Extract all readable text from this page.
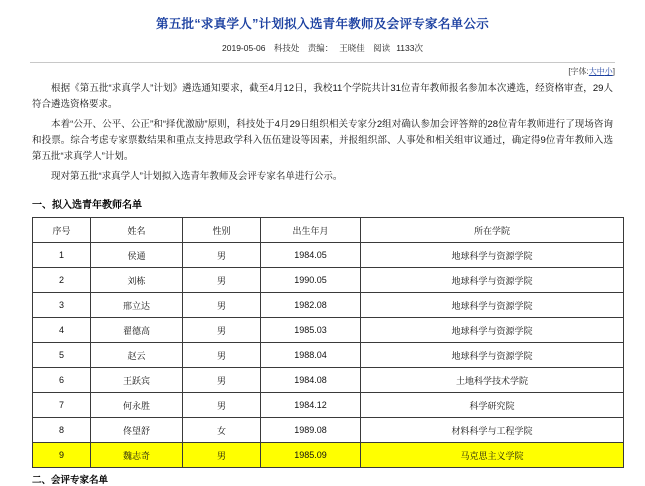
第五批“求真学人”计划拟入选青年教师及会评专家名单公示
2019-05-06 科技处 责编： 王晓佳 阅读 1133次
[字体:大中小]

根据《第五批“求真学人”计划》遴选通知要求，截至4月12日，我校11个学院共计31位青年教师报名参加本次遴选，经资格审查，29人符合遴选资格要求。

本着“公开、公平、公正”和“择优激励”原则，科技处于4月29日组织相关专家分2组对确认参加会评答辩的28位青年教师进行了现场咨询和投票。综合考虑专家票数结果和重点支持思政学科入伍伍建设等因素，并报组织部、人事处和相关组审议通过，确定得9位青年教师入选第五批“求真学人”计划。

现对第五批“求真学人”计划拟入选青年教师及会评专家名单进行公示。

一、拟入选青年教师名单
序号	姓名	性别	出生年月	所在学院
1	侯通	男	1984.05	地球科学与资源学院
2	刘栋	男	1990.05	地球科学与资源学院
3	邢立达	男	1982.08	地球科学与资源学院
4	翟德高	男	1985.03	地球科学与资源学院
5	赵云	男	1988.04	地球科学与资源学院
6	王跃宾	男	1984.08	土地科学技术学院
7	何永胜	男	1984.12	科学研究院
8	佟望舒	女	1989.08	材料科学与工程学院
9	魏志奇	男	1985.09	马克思主义学院
二、会评专家名单
